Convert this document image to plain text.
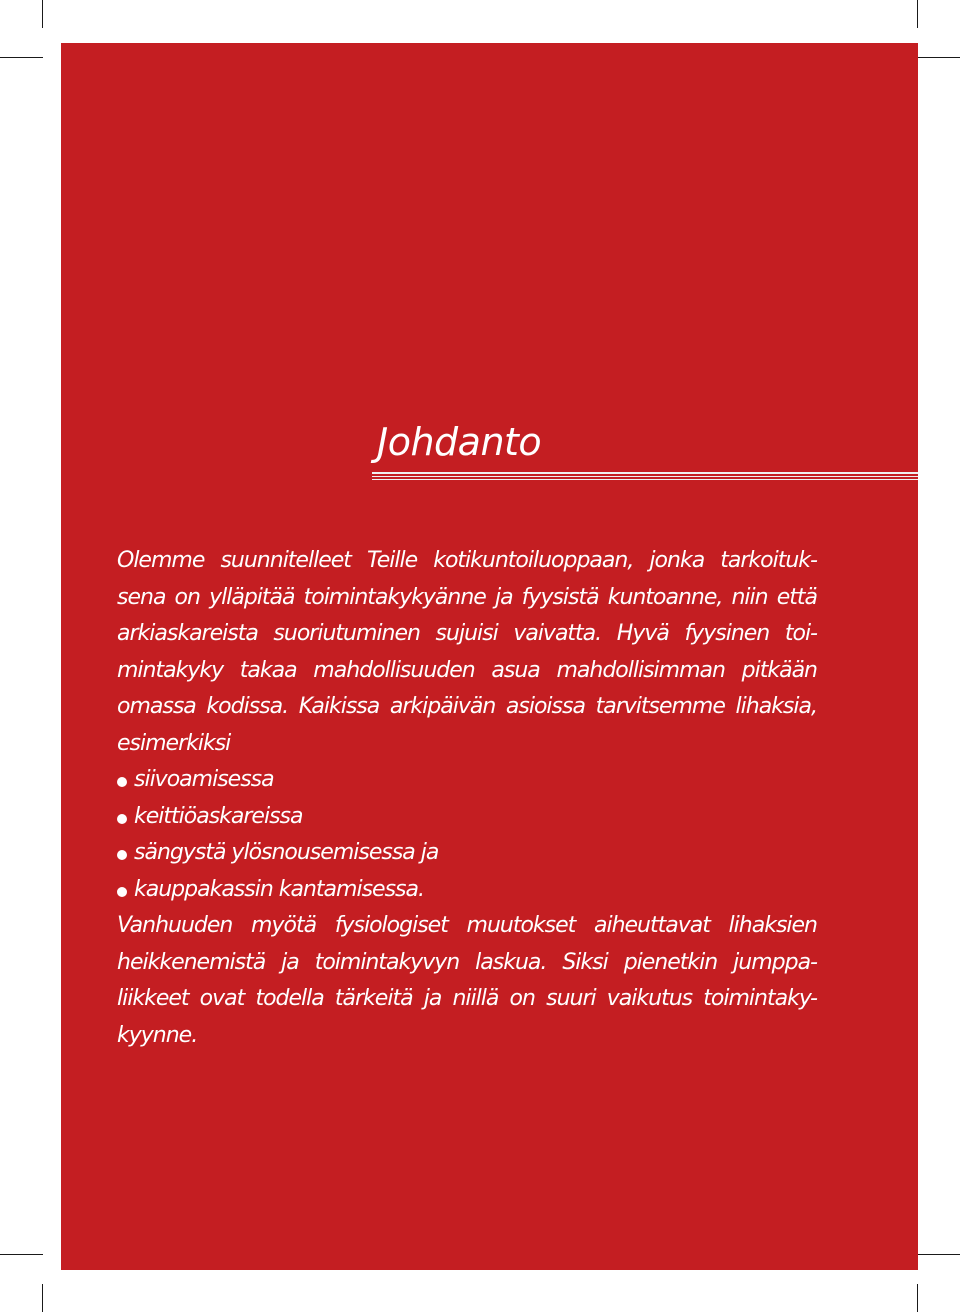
Johdanto
Olemme suunnitelleet Teille kotikuntoiluoppaan, jonka tarkoituk-
sena on ylläpitää toimintakykyänne ja fyysistä kuntoanne, niin että
arkiaskareista suoriutuminen sujuisi vaivatta. Hyvä fyysinen toi-
mintakyky takaa mahdollisuuden asua mahdollisimman pitkään
omassa kodissa. Kaikissa arkipäivän asioissa tarvitsemme lihaksia,
esimerkiksi
siivoamisessa
keittiöaskareissa
sängystä ylösnousemisessa ja
kauppakassin kantamisessa.
Vanhuuden myötä fysiologiset muutokset aiheuttavat lihaksien
heikkenemistä ja toimintakyvyn laskua. Siksi pienetkin jumppa-
liikkeet ovat todella tärkeitä ja niillä on suuri vaikutus toimintaky-
kyynne.
